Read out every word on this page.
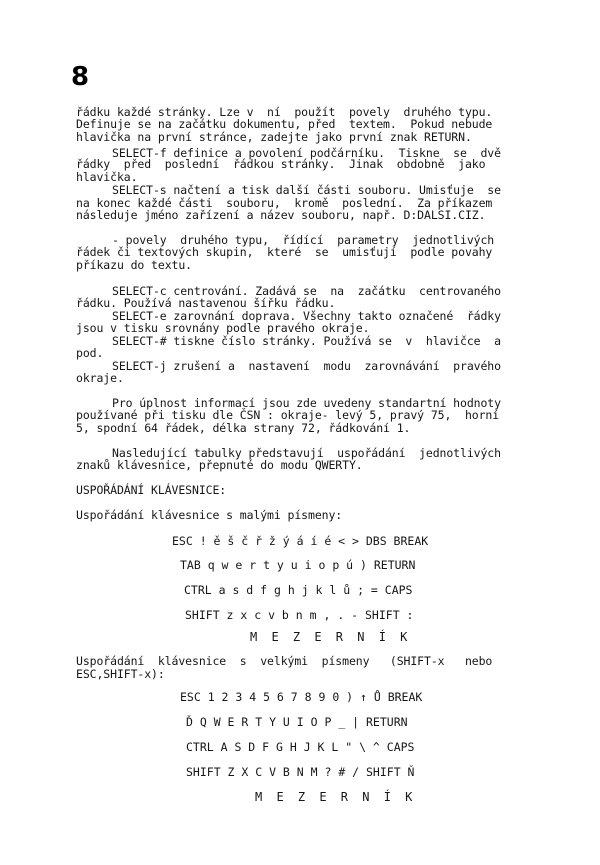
8
řádku každé stránky. Lze v  ní  použít  povely  druhého typu.
Definuje se na začátku dokumentu, před  textem.  Pokud nebude
hlavička na první stránce, zadejte jako první znak RETURN.
SELECT-f definice a povolení podčárníku.  Tiskne  se  dvě
řádky  před  poslední  řádkou stránky.  Jinak  obdobně  jako
hlavička.
SELECT-s načtení a tisk další části souboru. Umisťuje  se
na konec každé části  souboru,  kromě  poslední.  Za příkazem
následuje jméno zařízení a název souboru, např. D:DALSI.CIZ.
- povely  druhého typu,  řídící  parametry  jednotlivých
řádek či textových skupin,  které  se  umisťují  podle povahy
příkazu do textu.
SELECT-c centrování. Zadává se  na  začátku  centrovaného
řádku. Používá nastavenou šířku řádku.
SELECT-e zarovnání doprava. Všechny takto označené  řádky
jsou v tisku srovnány podle pravého okraje.
SELECT-# tiskne číslo stránky. Používá se  v  hlavičce  a
pod.
SELECT-j zrušení a  nastavení  modu  zarovnávání  pravého
okraje.
Pro úplnost informací jsou zde uvedeny standartní hodnoty
používané při tisku dle ČSN : okraje- levý 5, pravý 75,  horní
5, spodní 64 řádek, délka strany 72, řádkování 1.
Nasledující tabulky představují  uspořádání  jednotlivých
znaků klávesnice, přepnuté do modu QWERTY.
USPOŘÁDÁNÍ KLÁVESNICE:
Uspořádání klávesnice s malými písmeny:
ESC ! ě š č ř ž ý á í é < > DBS BREAK
TAB q w e r t y u i o p ú ) RETURN
CTRL a s d f g h j k l ů ; = CAPS
SHIFT z x c v b n m , . - SHIFT :
M E Z E R N Í K
Uspořádání  klávesnice  s  velkými  písmeny   (SHIFT-x   nebo
ESC,SHIFT-x):
ESC 1 2 3 4 5 6 7 8 9 0 ) ↑ Ů BREAK
Ď Q W E R T Y U I O P _ | RETURN
CTRL A S D F G H J K L " \ ^ CAPS
SHIFT Z X C V B N M ? # / SHIFT Ň
M E Z E R N Í K
